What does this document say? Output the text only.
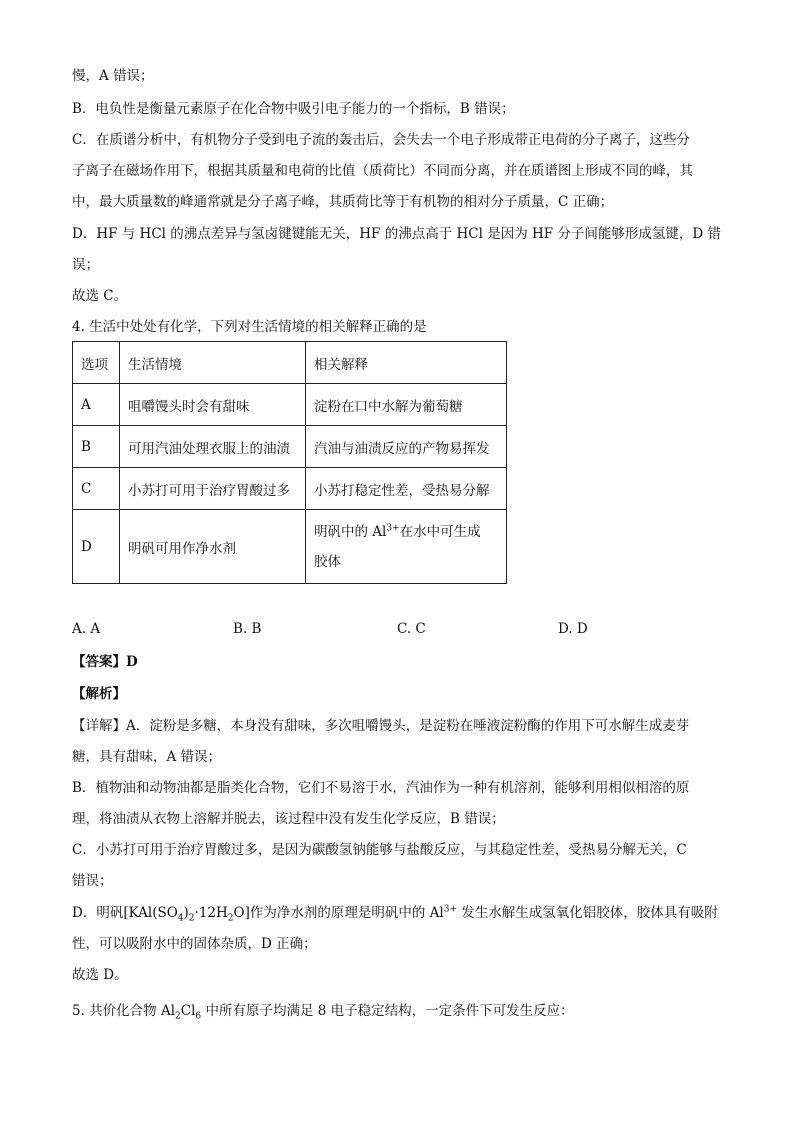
慢，A 错误；
B．电负性是衡量元素原子在化合物中吸引电子能力的一个指标，B 错误；
C．在质谱分析中，有机物分子受到电子流的轰击后，会失去一个电子形成带正电荷的分子离子，这些分
子离子在磁场作用下，根据其质量和电荷的比值（质荷比）不同而分离，并在质谱图上形成不同的峰，其
中，最大质量数的峰通常就是分子离子峰，其质荷比等于有机物的相对分子质量，C 正确；
D．HF 与 HCl 的沸点差异与氢卤键键能无关，HF 的沸点高于 HCl 是因为 HF 分子间能够形成氢键，D 错
误；
故选 C。
4. 生活中处处有化学，下列对生活情境的相关解释正确的是
选项	生活情境	相关解释
A	咀嚼馒头时会有甜味	淀粉在口中水解为葡萄糖
B	可用汽油处理衣服上的油渍	汽油与油渍反应的产物易挥发
C	小苏打可用于治疗胃酸过多	小苏打稳定性差，受热易分解
D	明矾可用作净水剂	明矾中的 $Al^{3+}$在水中可生成
胶体
A. A	B. B	C. C	D. D
【答案】D
【解析】
【详解】A．淀粉是多糖，本身没有甜味，多次咀嚼馒头，是淀粉在唾液淀粉酶的作用下可水解生成麦芽
糖，具有甜味，A 错误；
B．植物油和动物油都是脂类化合物，它们不易溶于水，汽油作为一种有机溶剂，能够利用相似相溶的原
理，将油渍从衣物上溶解并脱去，该过程中没有发生化学反应，B 错误；
C．小苏打可用于治疗胃酸过多，是因为碳酸氢钠能够与盐酸反应，与其稳定性差，受热易分解无关，C
错误；
D．明矾$[KAl(SO_4)_2\cdot 12H_2O]$作为净水剂的原理是明矾中的 $Al^{3+}$ 发生水解生成氢氧化铝胶体，胶体具有吸附
性，可以吸附水中的固体杂质，D 正确；
故选 D。
5. 共价化合物 $Al_2Cl_6$ 中所有原子均满足 8 电子稳定结构，一定条件下可发生反应：
